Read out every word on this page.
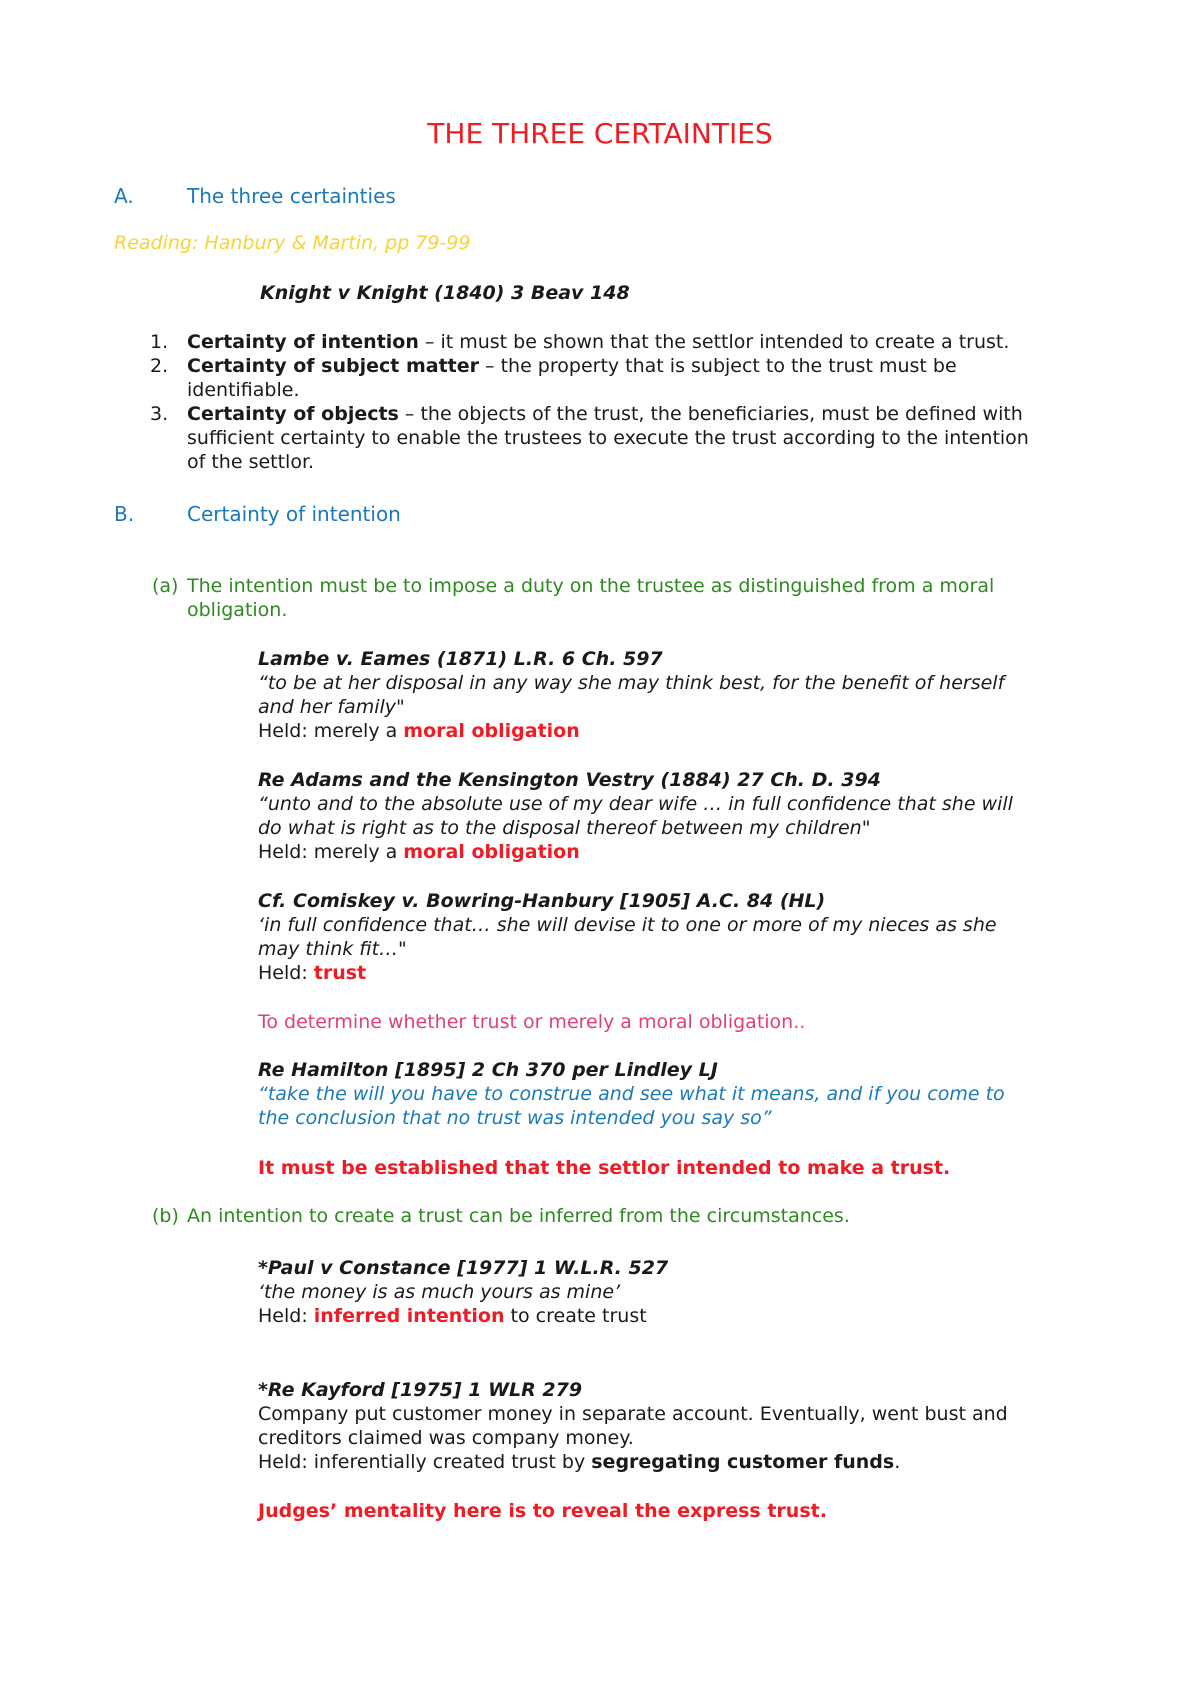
THE THREE CERTAINTIES
A.	The three certainties
Reading: Hanbury & Martin, pp 79-99
Knight v Knight (1840) 3 Beav 148
1. Certainty of intention – it must be shown that the settlor intended to create a trust.
2. Certainty of subject matter – the property that is subject to the trust must be
identifiable.
3. Certainty of objects – the objects of the trust, the beneficiaries, must be defined with
sufficient certainty to enable the trustees to execute the trust according to the intention
of the settlor.
B.	Certainty of intention
(a) The intention must be to impose a duty on the trustee as distinguished from a moral
obligation.
Lambe v. Eames (1871) L.R. 6 Ch. 597
“to be at her disposal in any way she may think best, for the benefit of herself
and her family"
Held: merely a moral obligation
Re Adams and the Kensington Vestry (1884) 27 Ch. D. 394
“unto and to the absolute use of my dear wife … in full confidence that she will
do what is right as to the disposal thereof between my children"
Held: merely a moral obligation
Cf. Comiskey v. Bowring-Hanbury [1905] A.C. 84 (HL)
‘in full confidence that… she will devise it to one or more of my nieces as she
may think fit…"
Held: trust
To determine whether trust or merely a moral obligation..
Re Hamilton [1895] 2 Ch 370 per Lindley LJ
“take the will you have to construe and see what it means, and if you come to
the conclusion that no trust was intended you say so”
It must be established that the settlor intended to make a trust.
(b) An intention to create a trust can be inferred from the circumstances.
*Paul v Constance [1977] 1 W.L.R. 527
‘the money is as much yours as mine’
Held: inferred intention to create trust
*Re Kayford [1975] 1 WLR 279
Company put customer money in separate account. Eventually, went bust and
creditors claimed was company money.
Held: inferentially created trust by segregating customer funds.
Judges’ mentality here is to reveal the express trust.
